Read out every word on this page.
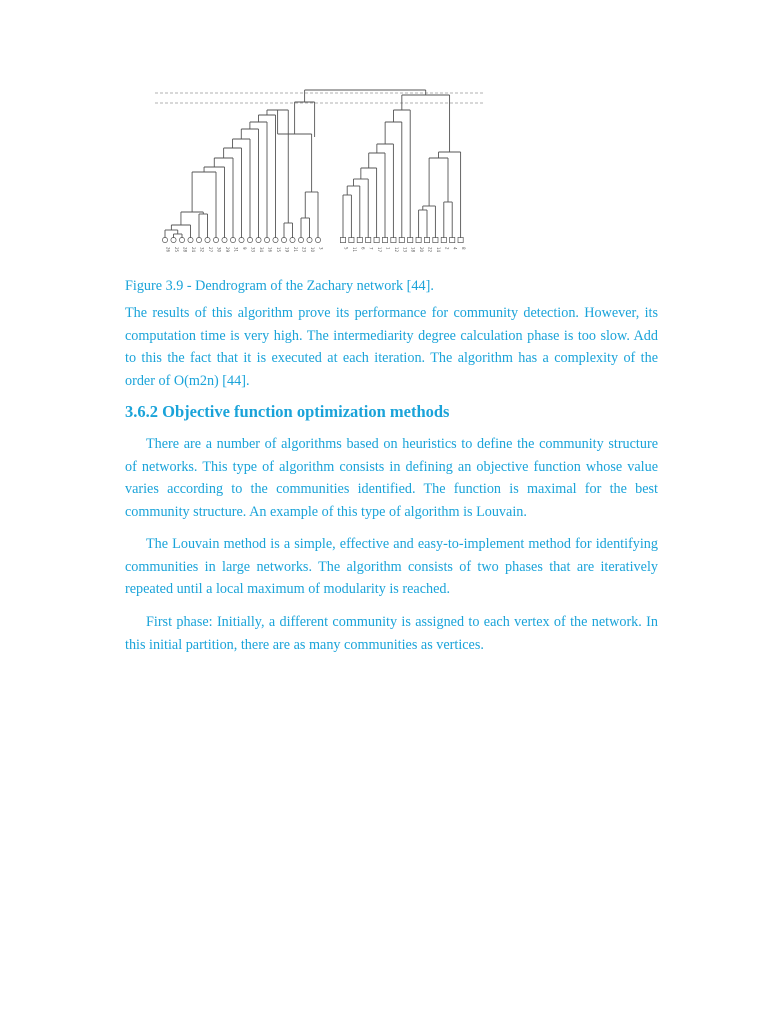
26 25 28 24 32 27 30 29 31 9 33 34 16 15 19 21 23 10 3	5 11 6 7 17 1 12 13 18 20 22 14 2 4 8
Figure 3.9 - Dendrogram of the Zachary network [44].
The results of this algorithm prove its performance for community detection. However, its computation time is very high. The intermediarity degree calculation phase is too slow. Add to this the fact that it is executed at each iteration. The algorithm has a complexity of the order of O(m2n) [44].
3.6.2 Objective function optimization methods
There are a number of algorithms based on heuristics to define the community structure of networks. This type of algorithm consists in defining an objective function whose value varies according to the communities identified. The function is maximal for the best community structure. An example of this type of algorithm is Louvain.
The Louvain method is a simple, effective and easy-to-implement method for identifying communities in large networks. The algorithm consists of two phases that are iteratively repeated until a local maximum of modularity is reached.
First phase: Initially, a different community is assigned to each vertex of the network. In this initial partition, there are as many communities as vertices.
